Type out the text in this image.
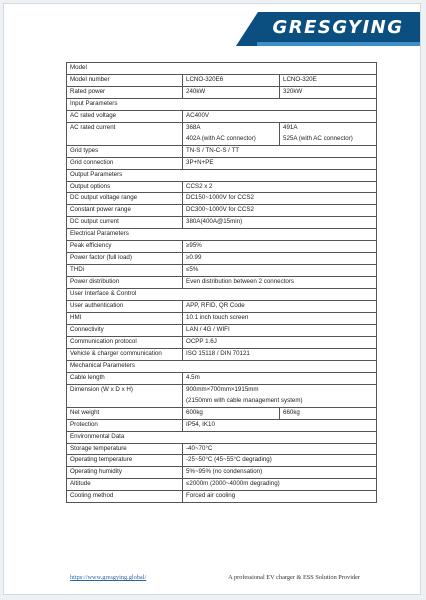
GRESGYING
Model		
Model number	LCNO-320E6	LCNO-320E
Rated power	240kW	320kW
Input Parameters		
AC rated voltage	AC400V	
AC rated current	368A	491A
	402A (with AC connector)	525A (with AC connector)
Grid types	TN-S / TN-C-S / TT	
Grid connection	3P+N+PE	
Output Parameters		
Output options	CCS2 x 2	
DC output voltage range	DC150~1000V for CCS2	
Constant power range	DC300~1000V for CCS2	
DC output current	380A(400A@15min)	
Electrical Parameters		
Peak efficiency	≥95%	
Power factor (full load)	≥0.99	
THDi	≤5%	
Power distribution	Even distribution between 2 connectors	
User Interface & Control		
User authentication	APP, RFID, QR Code	
HMI	10.1 inch touch screen	
Connectivity	LAN / 4G / WIFI	
Communication protocol	OCPP 1.6J	
Vehicle & charger communication	ISO 15118 / DIN 70121	
Mechanical Parameters		
Cable length	4.5m	
Dimension (W x D x H)	900mm×700mm×1915mm	
	(2150mm with cable management system)	
Net weight	600kg	660kg
Protection	IP54, IK10	
Environmental Data		
Storage temperature	-40~70°C	
Operating temperature	-25~50°C (45~55°C degrading)	
Operating humidity	5%~95% (no condensation)	
Altitude	≤2000m (2000~4000m degrading)	
Cooling method	Forced air cooling	
https://www.gresgying.global/	A professional EV charger & ESS Solution Provider
